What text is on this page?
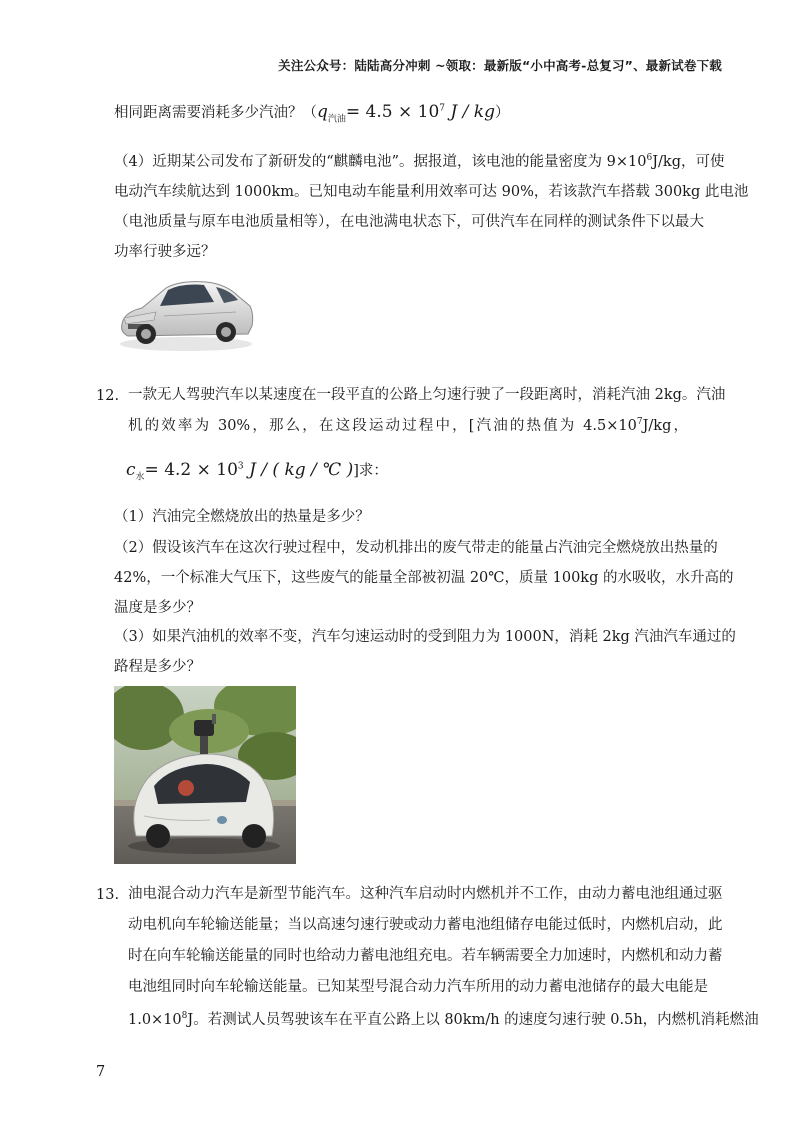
关注公众号：陆陆高分冲刺 ~领取：最新版“小中高考-总复习”、最新试卷下载
相同距离需要消耗多少汽油？（$q_{汽油}= 4.5 \times 10^7$ J / kg）
（4）近期某公司发布了新研发的“麒麟电池”。据报道，该电池的能量密度为 $9\times 10^6J/kg$，可使
电动汽车续航达到 1000km。已知电动车能量利用效率可达 90%，若该款汽车搭载 300kg 此电池
（电池质量与原车电池质量相等），在电池满电状态下，可供汽车在同样的测试条件下以最大
功率行驶多远？
12. 一款无人驾驶汽车以某速度在一段平直的公路上匀速行驶了一段距离时，消耗汽油 2kg。汽油
机的效率为 30%，那么，在这段运动过程中，[汽油的热值为 $4.5\times 10^7J/kg$，
$c_水= 4.2 \times 10^3$ J / ( kg / ℃ )]求：
（1）汽油完全燃烧放出的热量是多少？
（2）假设该汽车在这次行驶过程中，发动机排出的废气带走的能量占汽油完全燃烧放出热量的
42%，一个标准大气压下，这些废气的能量全部被初温 20℃，质量 100kg 的水吸收，水升高的
温度是多少？
（3）如果汽油机的效率不变，汽车匀速运动时的受到阻力为 1000N，消耗 2kg 汽油汽车通过的
路程是多少？
13. 油电混合动力汽车是新型节能汽车。这种汽车启动时内燃机并不工作，由动力蓄电池组通过驱
动电机向车轮输送能量；当以高速匀速行驶或动力蓄电池组储存电能过低时，内燃机启动，此
时在向车轮输送能量的同时也给动力蓄电池组充电。若车辆需要全力加速时，内燃机和动力蓄
电池组同时向车轮输送能量。已知某型号混合动力汽车所用的动力蓄电池储存的最大电能是
$1.0\times 10^8J$。若测试人员驾驶该车在平直公路上以 80km/h 的速度匀速行驶 0.5h，内燃机消耗燃油
7
